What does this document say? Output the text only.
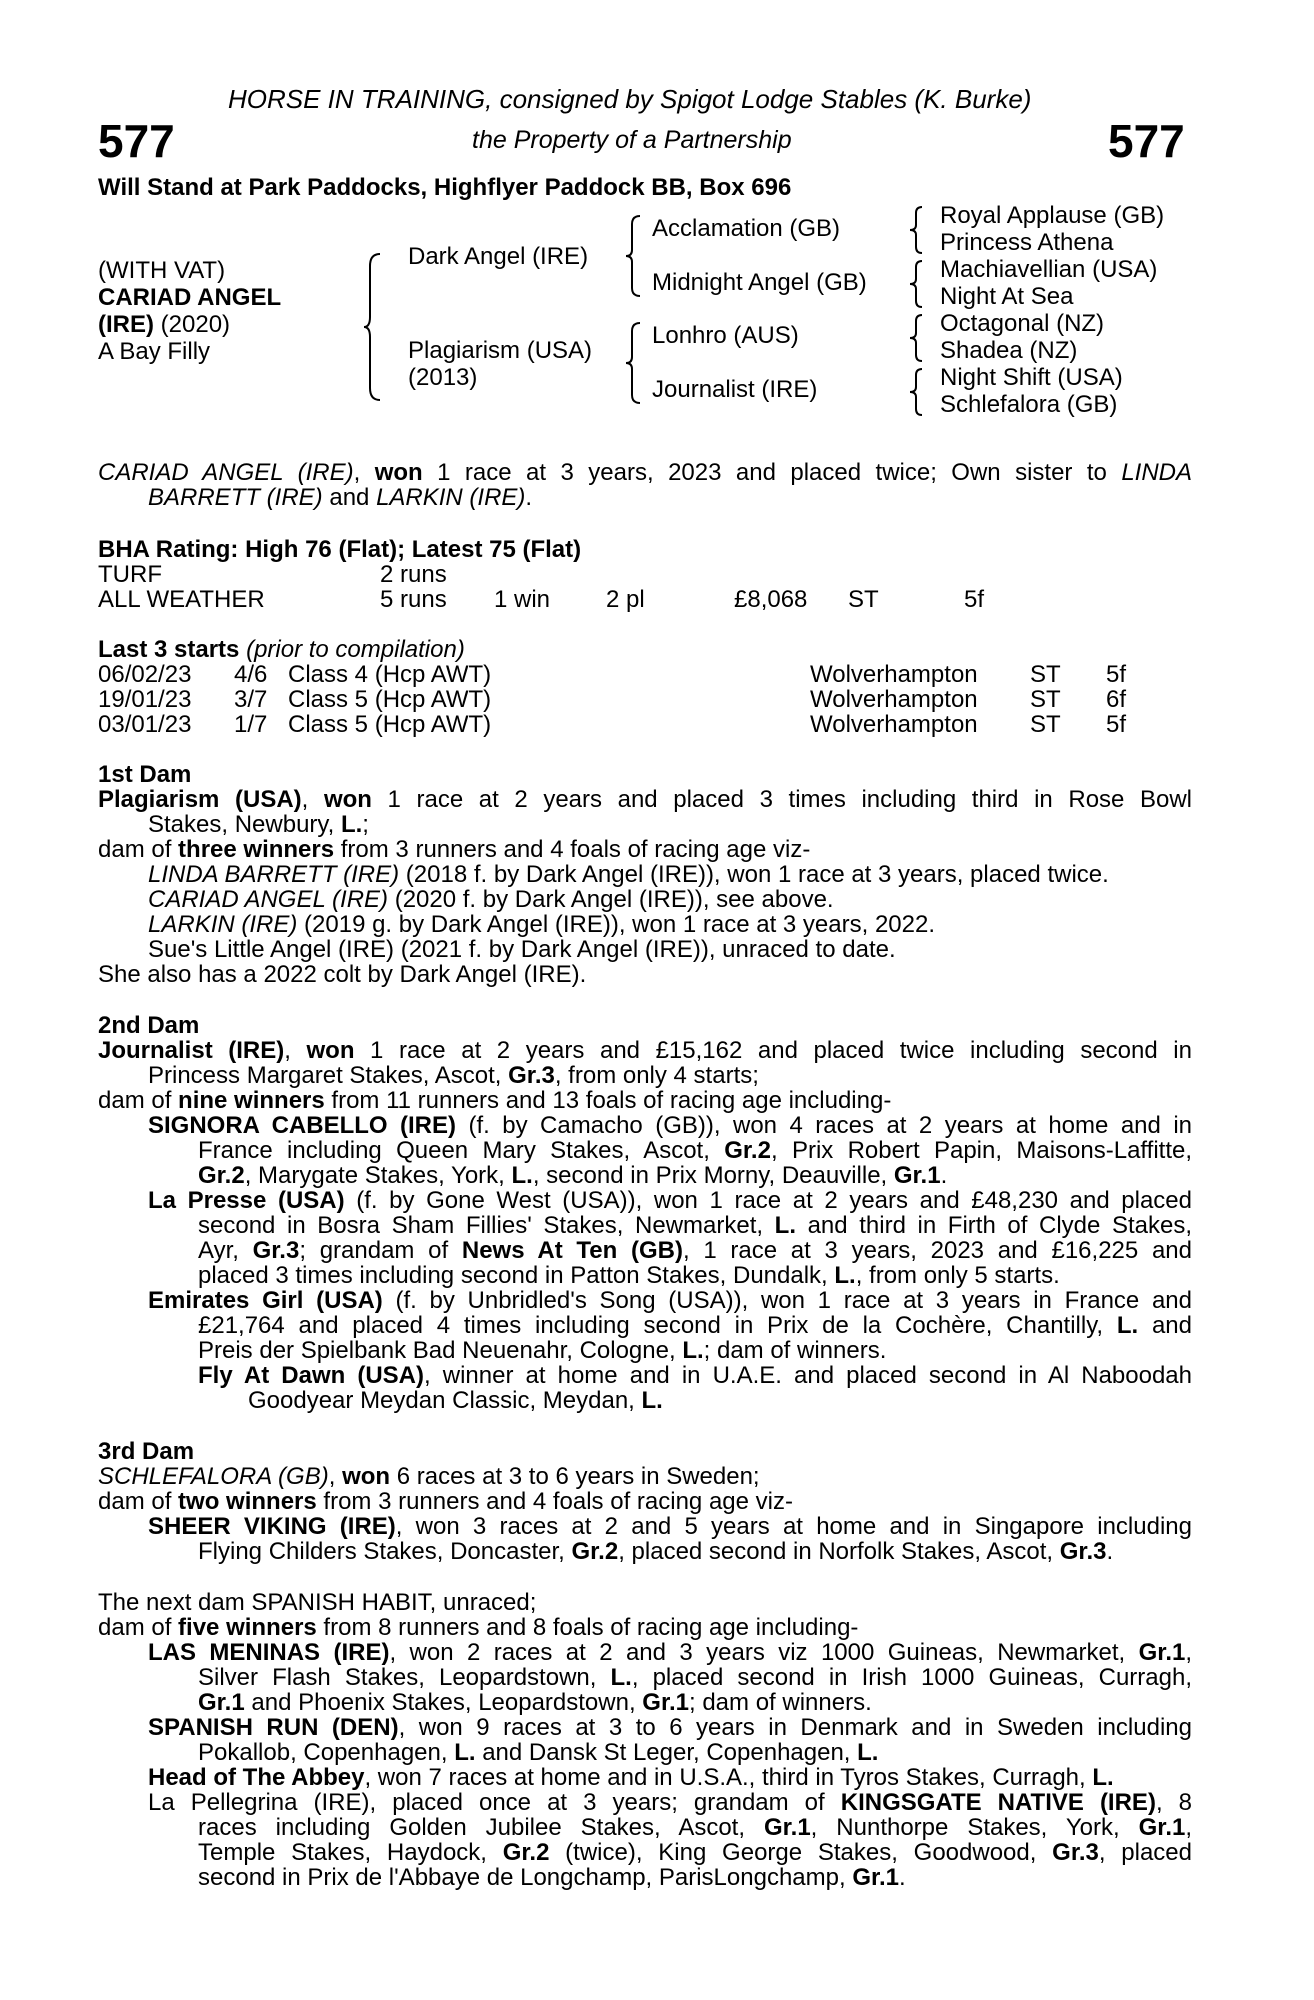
577	577
HORSE IN TRAINING, consigned by Spigot Lodge Stables (K. Burke)
the Property of a Partnership
Will Stand at Park Paddocks, Highflyer Paddock BB, Box 696
(WITH VAT)
CARIAD ANGEL
(IRE) (2020)
A Bay Filly
Dark Angel (IRE)
Plagiarism (USA)
(2013)
Acclamation (GB)
Midnight Angel (GB)
Lonhro (AUS)
Journalist (IRE)
Royal Applause (GB)
Princess Athena
Machiavellian (USA)
Night At Sea
Octagonal (NZ)
Shadea (NZ)
Night Shift (USA)
Schlefalora (GB)
CARIAD ANGEL (IRE), won 1 race at 3 years, 2023 and placed twice; Own sister to LINDA
BARRETT (IRE) and LARKIN (IRE).
BHA Rating: High 76 (Flat); Latest 75 (Flat)
TURF	2 runs
ALL WEATHER	5 runs 1 win 2 pl	£8,068 ST	5f
Last 3 starts (prior to compilation)
06/02/23 4/6 Class 4 (Hcp AWT)	Wolverhampton ST 5f
19/01/23 3/7 Class 5 (Hcp AWT)	Wolverhampton ST 6f
03/01/23 1/7 Class 5 (Hcp AWT)	Wolverhampton ST 5f
1st Dam
Plagiarism (USA), won 1 race at 2 years and placed 3 times including third in Rose Bowl
Stakes, Newbury, L.;
dam of three winners from 3 runners and 4 foals of racing age viz-
LINDA BARRETT (IRE) (2018 f. by Dark Angel (IRE)), won 1 race at 3 years, placed twice.
CARIAD ANGEL (IRE) (2020 f. by Dark Angel (IRE)), see above.
LARKIN (IRE) (2019 g. by Dark Angel (IRE)), won 1 race at 3 years, 2022.
Sue's Little Angel (IRE) (2021 f. by Dark Angel (IRE)), unraced to date.
She also has a 2022 colt by Dark Angel (IRE).
2nd Dam
Journalist (IRE), won 1 race at 2 years and £15,162 and placed twice including second in
Princess Margaret Stakes, Ascot, Gr.3, from only 4 starts;
dam of nine winners from 11 runners and 13 foals of racing age including-
SIGNORA CABELLO (IRE) (f. by Camacho (GB)), won 4 races at 2 years at home and in
France including Queen Mary Stakes, Ascot, Gr.2, Prix Robert Papin, Maisons-Laffitte,
Gr.2, Marygate Stakes, York, L., second in Prix Morny, Deauville, Gr.1.
La Presse (USA) (f. by Gone West (USA)), won 1 race at 2 years and £48,230 and placed
second in Bosra Sham Fillies' Stakes, Newmarket, L. and third in Firth of Clyde Stakes,
Ayr, Gr.3; grandam of News At Ten (GB), 1 race at 3 years, 2023 and £16,225 and
placed 3 times including second in Patton Stakes, Dundalk, L., from only 5 starts.
Emirates Girl (USA) (f. by Unbridled's Song (USA)), won 1 race at 3 years in France and
£21,764 and placed 4 times including second in Prix de la Cochère, Chantilly, L. and
Preis der Spielbank Bad Neuenahr, Cologne, L.; dam of winners.
Fly At Dawn (USA), winner at home and in U.A.E. and placed second in Al Naboodah
Goodyear Meydan Classic, Meydan, L.
3rd Dam
SCHLEFALORA (GB), won 6 races at 3 to 6 years in Sweden;
dam of two winners from 3 runners and 4 foals of racing age viz-
SHEER VIKING (IRE), won 3 races at 2 and 5 years at home and in Singapore including
Flying Childers Stakes, Doncaster, Gr.2, placed second in Norfolk Stakes, Ascot, Gr.3.
The next dam SPANISH HABIT, unraced;
dam of five winners from 8 runners and 8 foals of racing age including-
LAS MENINAS (IRE), won 2 races at 2 and 3 years viz 1000 Guineas, Newmarket, Gr.1,
Silver Flash Stakes, Leopardstown, L., placed second in Irish 1000 Guineas, Curragh,
Gr.1 and Phoenix Stakes, Leopardstown, Gr.1; dam of winners.
SPANISH RUN (DEN), won 9 races at 3 to 6 years in Denmark and in Sweden including
Pokallob, Copenhagen, L. and Dansk St Leger, Copenhagen, L.
Head of The Abbey, won 7 races at home and in U.S.A., third in Tyros Stakes, Curragh, L.
La Pellegrina (IRE), placed once at 3 years; grandam of KINGSGATE NATIVE (IRE), 8
races including Golden Jubilee Stakes, Ascot, Gr.1, Nunthorpe Stakes, York, Gr.1,
Temple Stakes, Haydock, Gr.2 (twice), King George Stakes, Goodwood, Gr.3, placed
second in Prix de l'Abbaye de Longchamp, ParisLongchamp, Gr.1.
